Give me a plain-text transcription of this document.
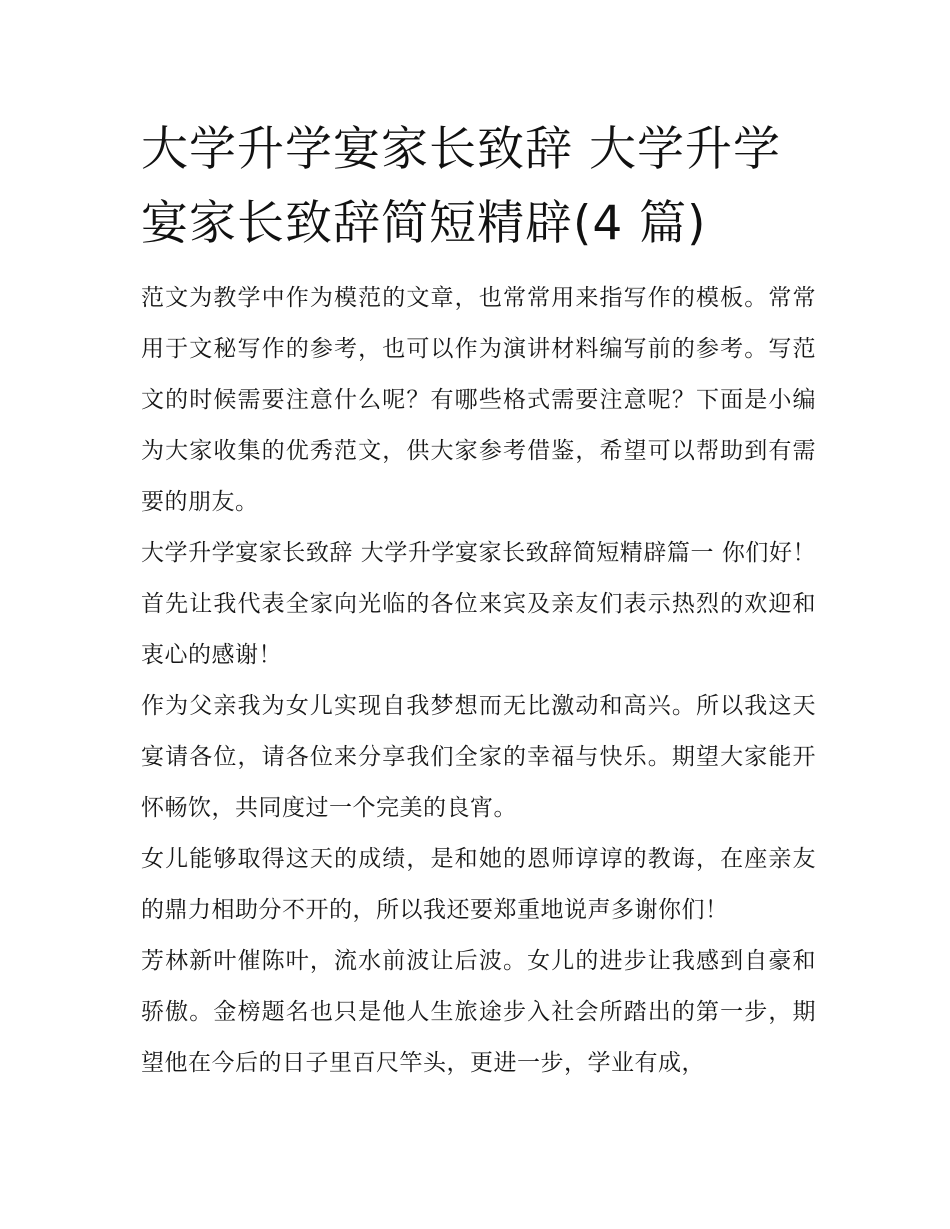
大学升学宴家长致辞 大学升学宴家长致辞简短精辟(4 篇)

范文为教学中作为模范的文章，也常常用来指写作的模板。常常用于文秘写作的参考，也可以作为演讲材料编写前的参考。写范文的时候需要注意什么呢？有哪些格式需要注意呢？下面是小编为大家收集的优秀范文，供大家参考借鉴，希望可以帮助到有需要的朋友。

大学升学宴家长致辞 大学升学宴家长致辞简短精辟篇一 你们好！ 首先让我代表全家向光临的各位来宾及亲友们表示热烈的欢迎和衷心的感谢！

作为父亲我为女儿实现自我梦想而无比激动和高兴。所以我这天宴请各位，请各位来分享我们全家的幸福与快乐。期望大家能开怀畅饮，共同度过一个完美的良宵。

女儿能够取得这天的成绩，是和她的恩师谆谆的教诲，在座亲友的鼎力相助分不开的，所以我还要郑重地说声多谢你们！

芳林新叶催陈叶，流水前波让后波。女儿的进步让我感到自豪和骄傲。金榜题名也只是他人生旅途步入社会所踏出的第一步，期望他在今后的日子里百尺竿头，更进一步，学业有成，
